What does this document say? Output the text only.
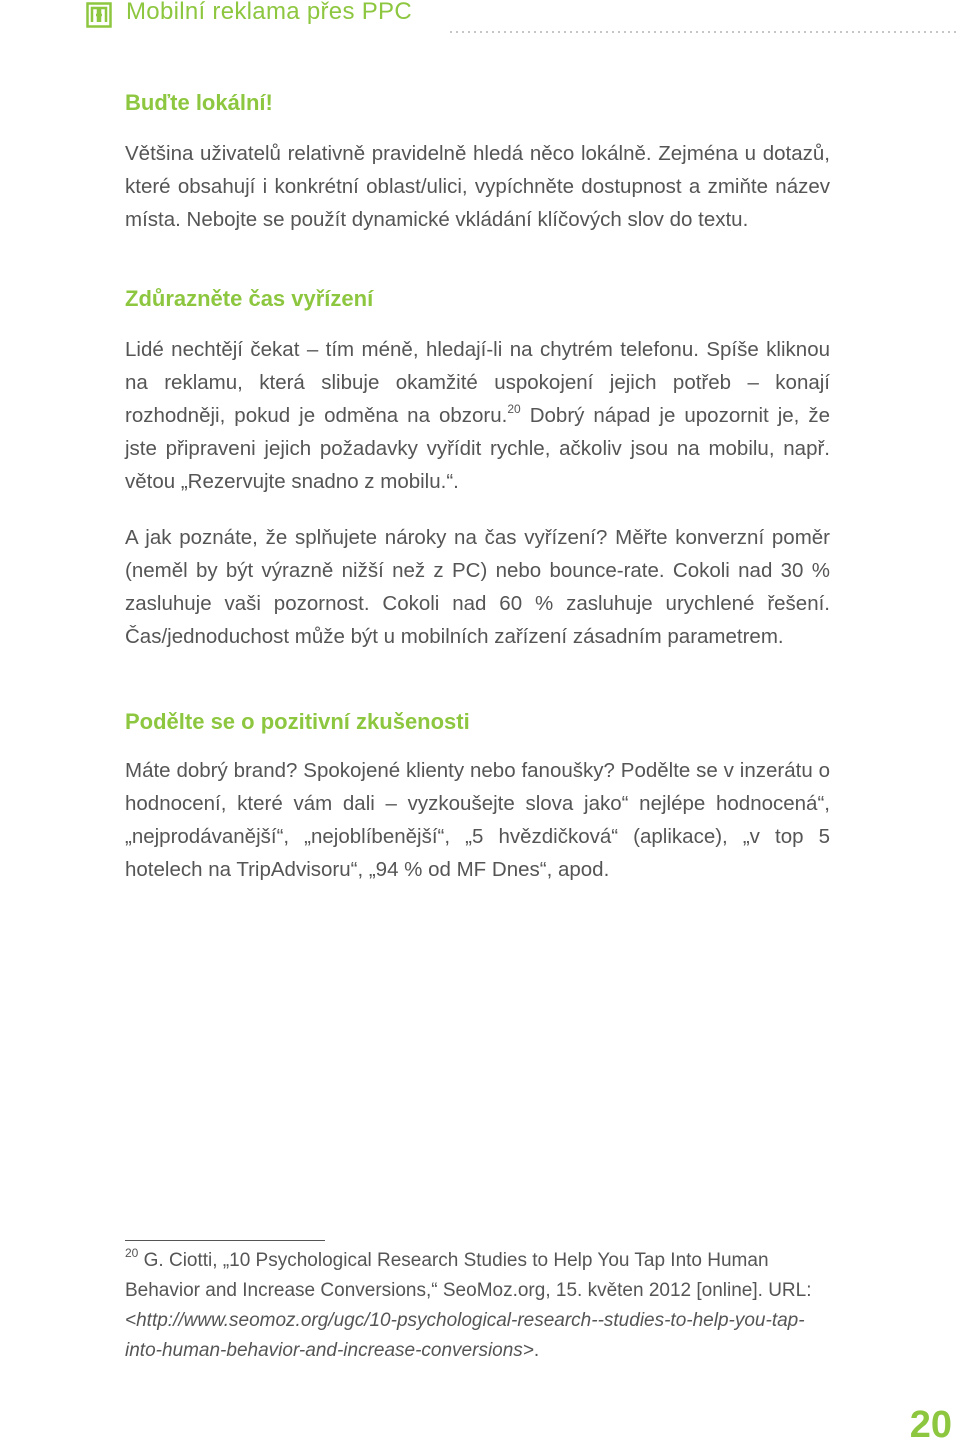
Mobilní reklama přes PPC
Buďte lokální!

Většina uživatelů relativně pravidelně hledá něco lokálně. Zejména u dotazů, které obsahují i konkrétní oblast/ulici, vypíchněte dostupnost a zmiňte název místa. Nebojte se použít dynamické vkládání klíčových slov do textu.

Zdůrazněte čas vyřízení

Lidé nechtějí čekat – tím méně, hledají-li na chytrém telefonu. Spíše kliknou na reklamu, která slibuje okamžité uspokojení jejich potřeb – konají rozhodněji, pokud je odměna na obzoru.$^{20}$ Dobrý nápad je upozornit je, že jste připraveni jejich požadavky vyřídit rychle, ačkoliv jsou na mobilu, např. větou „Rezervujte snadno z mobilu.“.

A jak poznáte, že splňujete nároky na čas vyřízení? Měřte konverzní poměr (neměl by být výrazně nižší než z PC) nebo bounce-rate. Cokoli nad 30 % zasluhuje vaši pozornost. Cokoli nad 60 % zasluhuje urychlené řešení. Čas/jednoduchost může být u mobilních zařízení zásadním parametrem.

Podělte se o pozitivní zkušenosti

Máte dobrý brand? Spokojené klienty nebo fanoušky? Podělte se v inzerátu o hodnocení, které vám dali – vyzkoušejte slova jako“ nejlépe hodnocená“, „nejprodávanější“, „nejoblíbenější“, „5 hvězdičková“ (aplikace), „v top 5 hotelech na TripAdvisoru“, „94 % od MF Dnes“, apod.

$^{20}$ G. Ciotti, „10 Psychological Research Studies to Help You Tap Into Human Behavior and Increase Conversions,“ SeoMoz.org, 15. květen 2012 [online]. URL: <http://www.seomoz.org/ugc/10-psychological-research--studies-to-help-you-tap-into-human-behavior-and-increase-conversions>.
20
